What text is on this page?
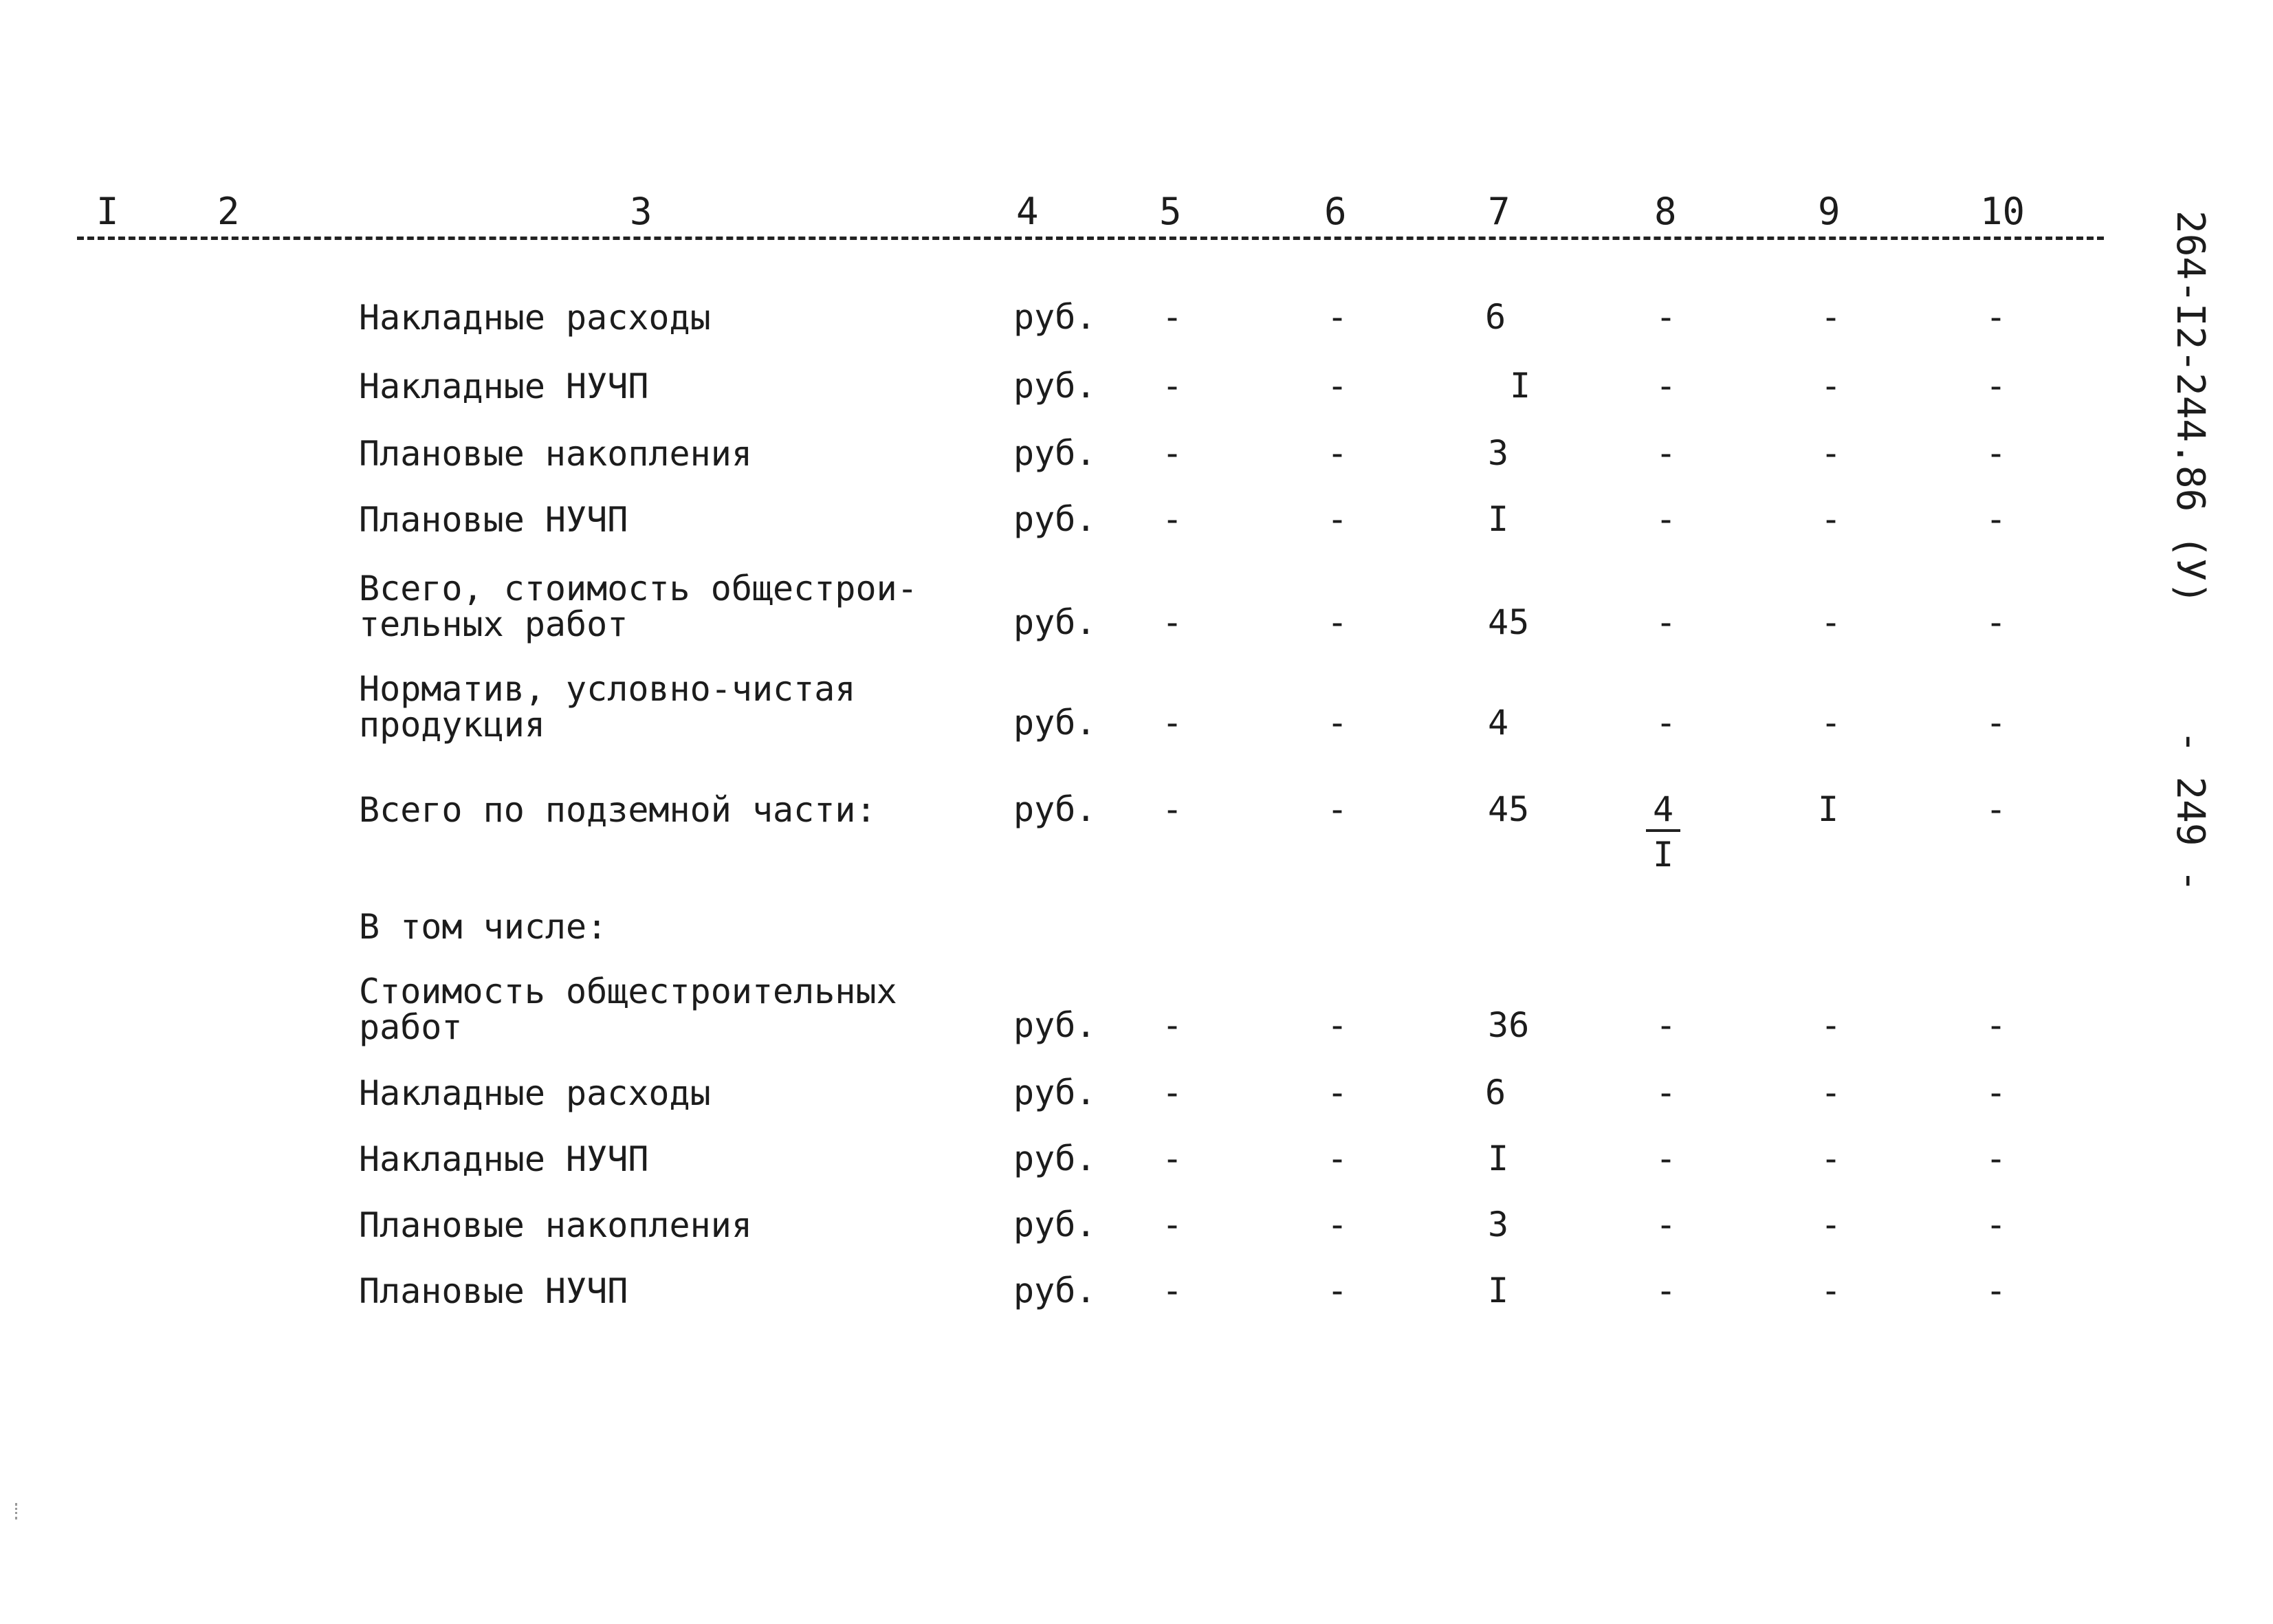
I	2	3	4	5	6	7	8	9	10
Накладные расходы	руб. -	-	6	-	-	-
Накладные НУЧП	руб. -	-	I	-	-	-
Плановые накопления	руб. -	-	3	-	-	-
Плановые НУЧП	руб. -	-	I	-	-	-
Всего, стоимость общестрои-
тельных работ	руб. -	-	45	-	-	-
Норматив, условно-чистая
продукция	руб. -	-	4	-	-	-
Всего по подземной части:	руб. -	-	45	$\frac{4}{I}$	I	-
В том числе:
Стоимость общестроительных
работ	руб. -	-	36	-	-	-
Накладные расходы	руб. -	-	6	-	-	-
Накладные НУЧП	руб. -	-	I	-	-	-
Плановые накопления	руб. -	-	3	-	-	-
Плановые НУЧП	руб. -	-	I	-	-	-
264-I2-244.86 (У)
- 249 -
